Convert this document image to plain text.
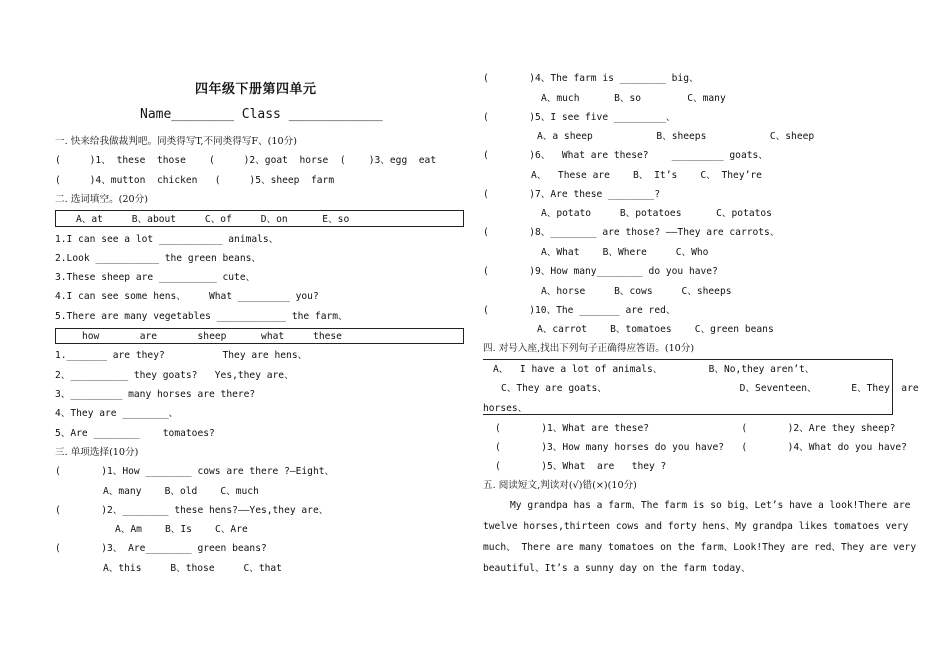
四年级下册第四单元
Name________ Class ____________
一. 快来给我做裁判吧。同类得写T,不同类得写F、(10分)
(     )1、 these  those    (     )2、goat  horse  (    )3、egg  eat
(     )4、mutton  chicken   (     )5、sheep  farm
二. 选词填空。(20分)
A、at     B、about     C、of     D、on      E、so
1.I can see a lot ___________ animals、
2.Look ___________ the green beans、
3.These sheep are __________ cute、
4.I can see some hens、    What _________ you?
5.There are many vegetables ____________ the farm、
how       are       sheep      what     these
1._______ are they?          They are hens、
2、__________ they goats?   Yes,they are、
3、_________ many horses are there?
4、They are ________、
5、Are ________    tomatoes?
三. 单项选择(10分)
(       )1、How ________ cows are there ?—Eight、
A、many    B、old    C、much
(       )2、________ these hens?——Yes,they are、
A、Am    B、Is    C、Are
(       )3、 Are________ green beans?
A、this     B、those     C、that
(       )4、The farm is ________ big、
A、much      B、so        C、many
(       )5、I see five _________、
A、a sheep           B、sheeps           C、sheep
(       )6、  What are these?    _________ goats、
A、  These are    B、 It’s    C、 They’re
(       )7、Are these ________?
A、potato     B、potatoes      C、potatos
(       )8、________ are those? ——They are carrots、
A、What    B、Where     C、Who
(       )9、How many________ do you have?
A、horse     B、cows     C、sheeps
(       )10、The _______ are red、
A、carrot    B、tomatoes    C、green beans
四. 对号入座,找出下列句子正确得应答语。(10分)
A、  I have a lot of animals、        B、No,they aren’t、
C、They are goats、                       D、Seventeen、      E、They  are
horses、
(       )1、What are these?                (       )2、Are they sheep?
(       )3、How many horses do you have?   (       )4、What do you have?
(       )5、What  are   they ?
五. 阅读短文,判读对(√)错(×)(10分)
My grandpa has a farm、The farm is so big、Let’s have a look!There are
twelve horses,thirteen cows and forty hens、My grandpa likes tomatoes very
much、 There are many tomatoes on the farm、Look!They are red、They are very
beautiful、It’s a sunny day on the farm today、
